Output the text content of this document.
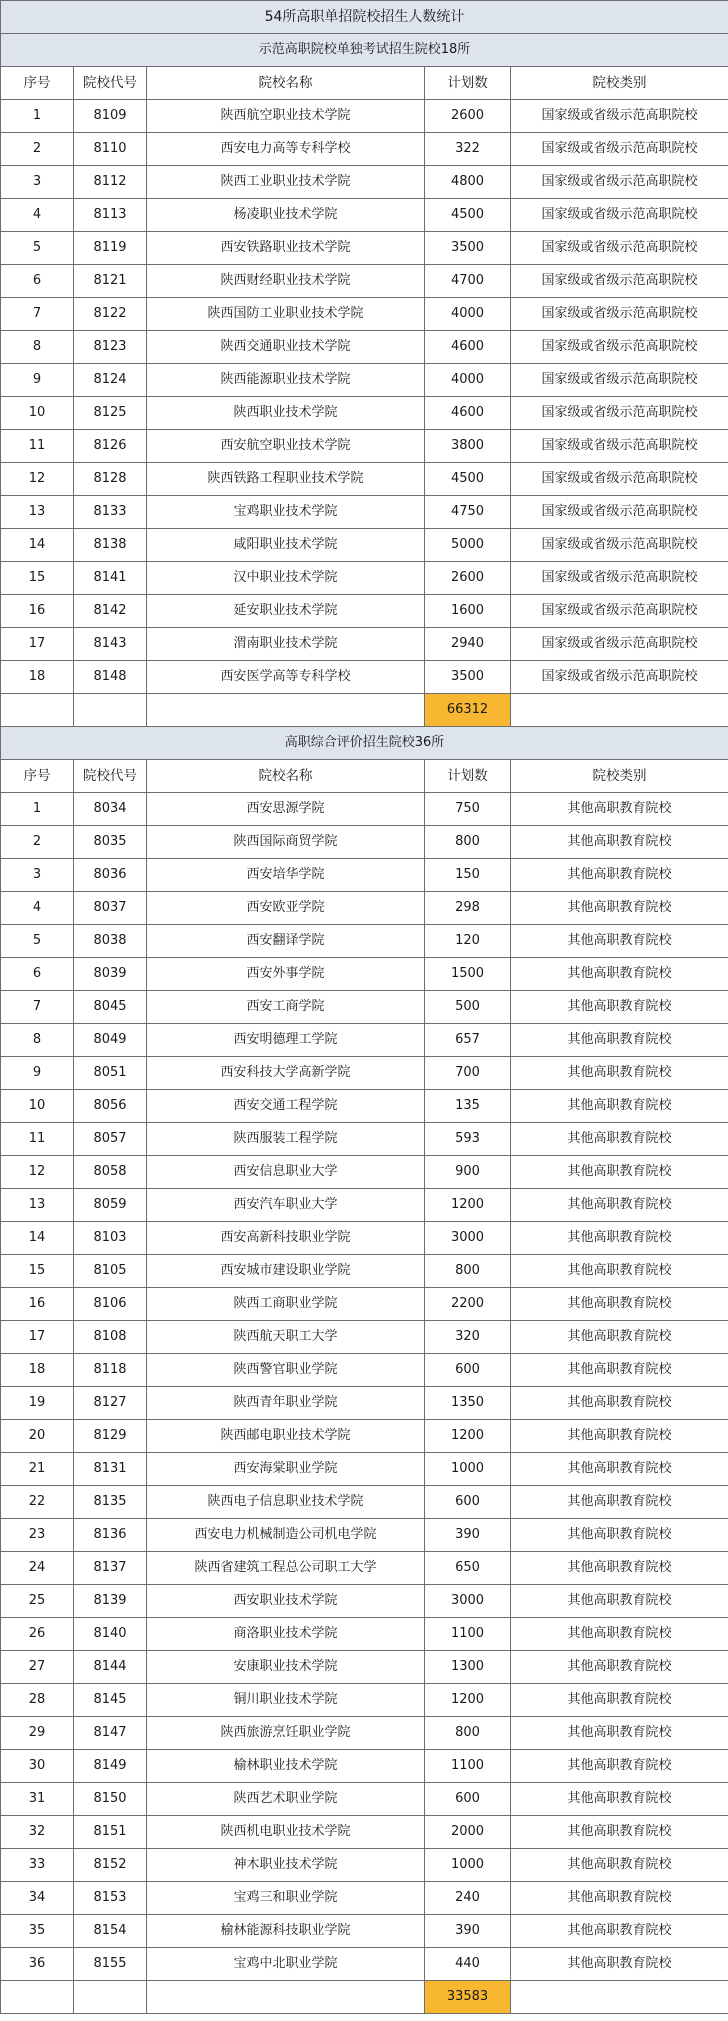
54所高职单招院校招生人数统计				
示范高职院校单独考试招生院校18所				
序号	院校代号	院校名称	计划数	院校类别
1	8109	陕西航空职业技术学院	2600	国家级或省级示范高职院校
2	8110	西安电力高等专科学校	322	国家级或省级示范高职院校
3	8112	陕西工业职业技术学院	4800	国家级或省级示范高职院校
4	8113	杨凌职业技术学院	4500	国家级或省级示范高职院校
5	8119	西安铁路职业技术学院	3500	国家级或省级示范高职院校
6	8121	陕西财经职业技术学院	4700	国家级或省级示范高职院校
7	8122	陕西国防工业职业技术学院	4000	国家级或省级示范高职院校
8	8123	陕西交通职业技术学院	4600	国家级或省级示范高职院校
9	8124	陕西能源职业技术学院	4000	国家级或省级示范高职院校
10	8125	陕西职业技术学院	4600	国家级或省级示范高职院校
11	8126	西安航空职业技术学院	3800	国家级或省级示范高职院校
12	8128	陕西铁路工程职业技术学院	4500	国家级或省级示范高职院校
13	8133	宝鸡职业技术学院	4750	国家级或省级示范高职院校
14	8138	咸阳职业技术学院	5000	国家级或省级示范高职院校
15	8141	汉中职业技术学院	2600	国家级或省级示范高职院校
16	8142	延安职业技术学院	1600	国家级或省级示范高职院校
17	8143	渭南职业技术学院	2940	国家级或省级示范高职院校
18	8148	西安医学高等专科学校	3500	国家级或省级示范高职院校
			66312	
高职综合评价招生院校36所				
序号	院校代号	院校名称	计划数	院校类别
1	8034	西安思源学院	750	其他高职教育院校
2	8035	陕西国际商贸学院	800	其他高职教育院校
3	8036	西安培华学院	150	其他高职教育院校
4	8037	西安欧亚学院	298	其他高职教育院校
5	8038	西安翻译学院	120	其他高职教育院校
6	8039	西安外事学院	1500	其他高职教育院校
7	8045	西安工商学院	500	其他高职教育院校
8	8049	西安明德理工学院	657	其他高职教育院校
9	8051	西安科技大学高新学院	700	其他高职教育院校
10	8056	西安交通工程学院	135	其他高职教育院校
11	8057	陕西服装工程学院	593	其他高职教育院校
12	8058	西安信息职业大学	900	其他高职教育院校
13	8059	西安汽车职业大学	1200	其他高职教育院校
14	8103	西安高新科技职业学院	3000	其他高职教育院校
15	8105	西安城市建设职业学院	800	其他高职教育院校
16	8106	陕西工商职业学院	2200	其他高职教育院校
17	8108	陕西航天职工大学	320	其他高职教育院校
18	8118	陕西警官职业学院	600	其他高职教育院校
19	8127	陕西青年职业学院	1350	其他高职教育院校
20	8129	陕西邮电职业技术学院	1200	其他高职教育院校
21	8131	西安海棠职业学院	1000	其他高职教育院校
22	8135	陕西电子信息职业技术学院	600	其他高职教育院校
23	8136	西安电力机械制造公司机电学院	390	其他高职教育院校
24	8137	陕西省建筑工程总公司职工大学	650	其他高职教育院校
25	8139	西安职业技术学院	3000	其他高职教育院校
26	8140	商洛职业技术学院	1100	其他高职教育院校
27	8144	安康职业技术学院	1300	其他高职教育院校
28	8145	铜川职业技术学院	1200	其他高职教育院校
29	8147	陕西旅游烹饪职业学院	800	其他高职教育院校
30	8149	榆林职业技术学院	1100	其他高职教育院校
31	8150	陕西艺术职业学院	600	其他高职教育院校
32	8151	陕西机电职业技术学院	2000	其他高职教育院校
33	8152	神木职业技术学院	1000	其他高职教育院校
34	8153	宝鸡三和职业学院	240	其他高职教育院校
35	8154	榆林能源科技职业学院	390	其他高职教育院校
36	8155	宝鸡中北职业学院	440	其他高职教育院校
			33583	
